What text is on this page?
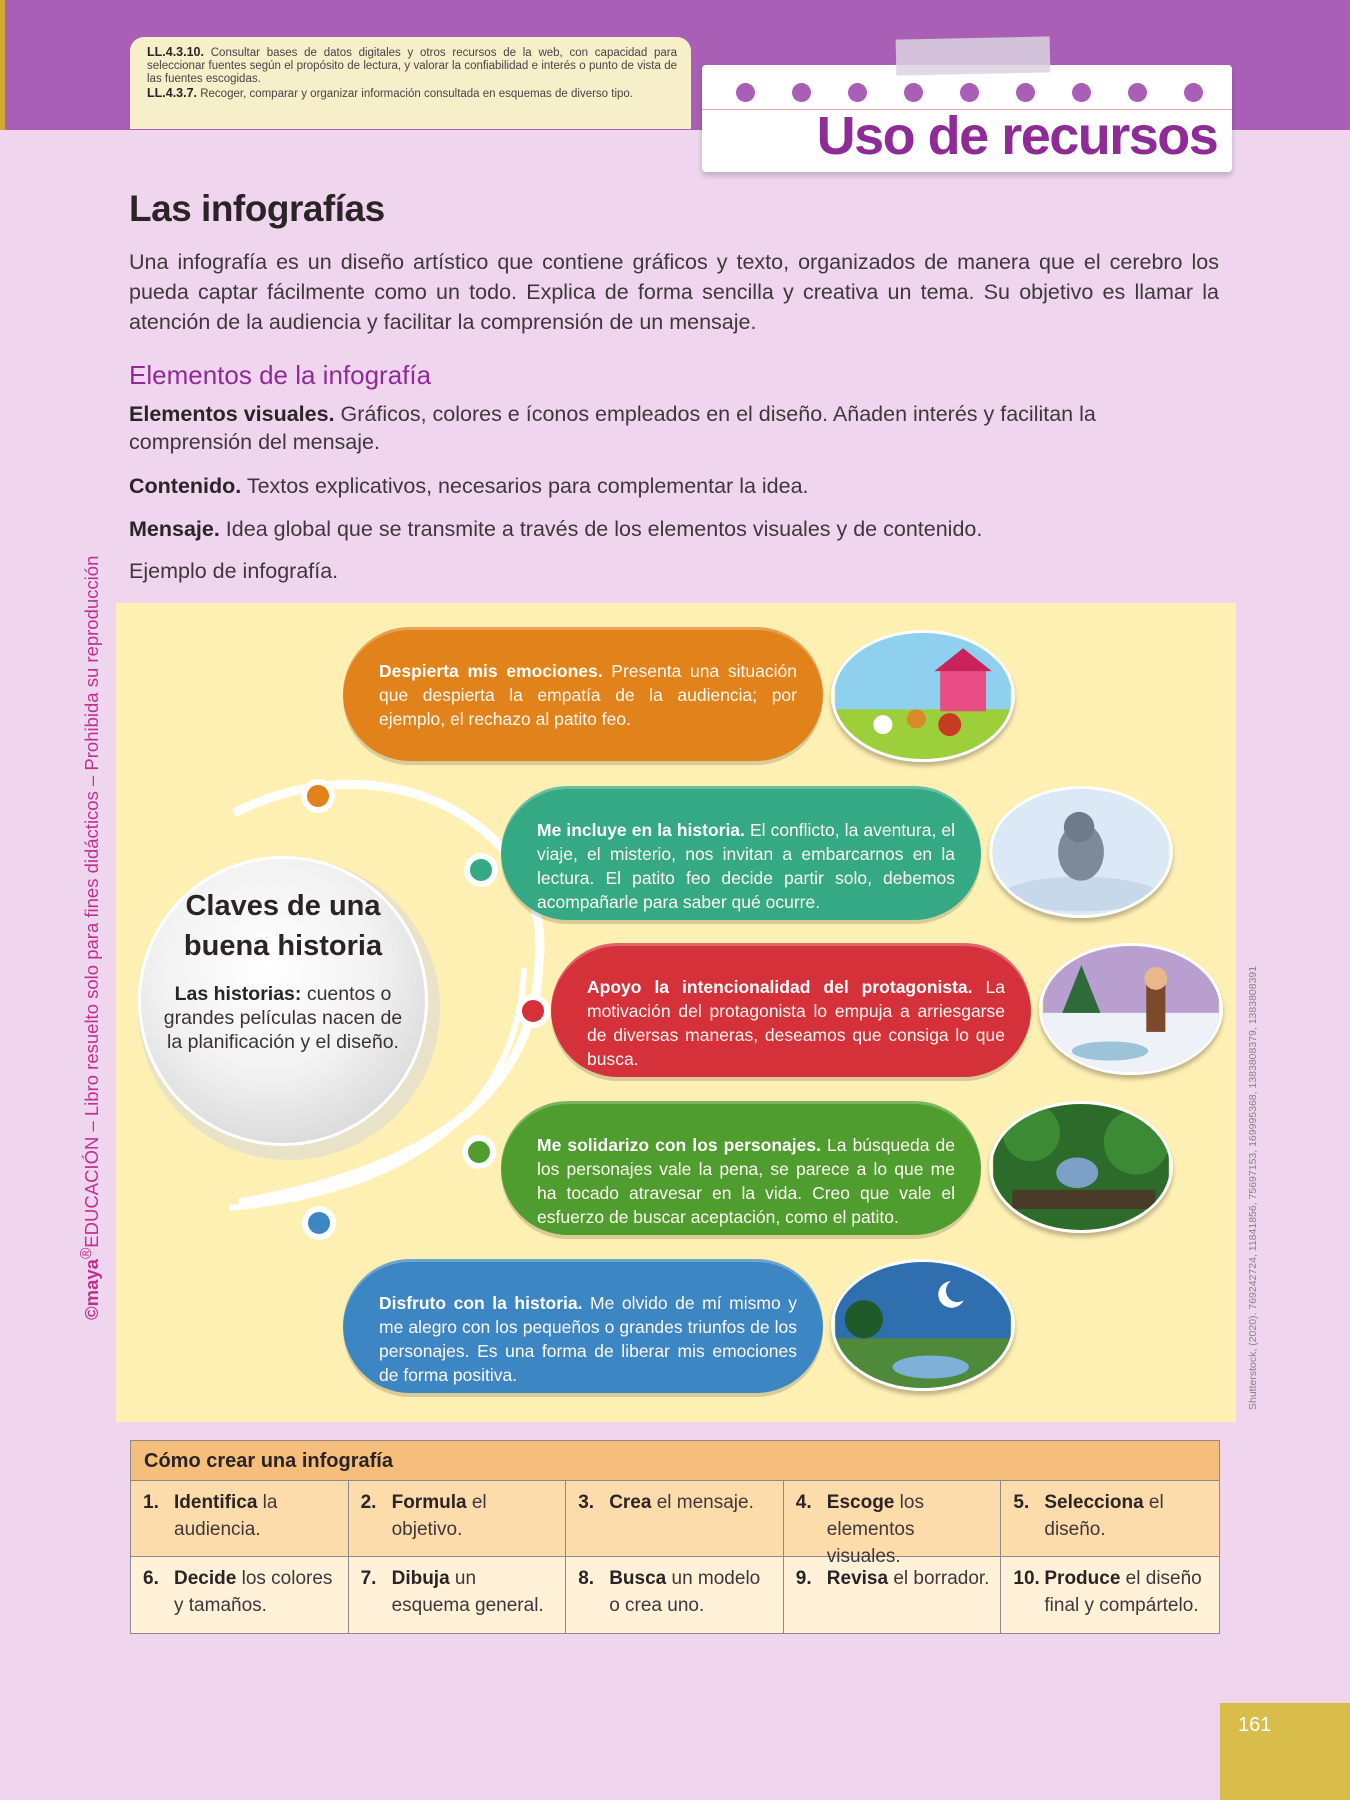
LL.4.3.10. Consultar bases de datos digitales y otros recursos de la web, con capacidad para seleccionar fuentes según el propósito de lectura, y valorar la confiabilidad e interés o punto de vista de las fuentes escogidas.
LL.4.3.7. Recoger, comparar y organizar información consultada en esquemas de diverso tipo.
Uso de recursos
©maya®EDUCACIÓN – Libro resuelto solo para fines didácticos – Prohibida su reproducción	Shutterstock, (2020). 769242724, 11841856, 75697153, 169995368, 1383808379, 1383808391
Las infografías

Una infografía es un diseño artístico que contiene gráficos y texto, organizados de manera que el cerebro los pueda captar fácilmente como un todo. Explica de forma sencilla y creativa un tema. Su objetivo es llamar la atención de la audiencia y facilitar la comprensión de un mensaje.

Elementos de la infografía

Elementos visuales. Gráficos, colores e íconos empleados en el diseño. Añaden interés y facilitan la comprensión del mensaje.

Contenido. Textos explicativos, necesarios para complementar la idea.

Mensaje. Idea global que se transmite a través de los elementos visuales y de contenido.

Ejemplo de infografía.

Claves de una buena historia
Las historias: cuentos o grandes películas nacen de la planificación y el diseño.
Despierta mis emociones. Presenta una situación que despierta la empatía de la audiencia; por ejemplo, el rechazo al patito feo.
Me incluye en la historia. El conflicto, la aventura, el viaje, el misterio, nos invitan a embarcarnos en la lectura. El patito feo decide partir solo, debemos acompañarle para saber qué ocurre.
Apoyo la intencionalidad del protagonista. La motivación del protagonista lo empuja a arriesgarse de diversas maneras, deseamos que consiga lo que busca.
Me solidarizo con los personajes. La búsqueda de los personajes vale la pena, se parece a lo que me ha tocado atravesar en la vida. Creo que vale el esfuerzo de buscar aceptación, como el patito.
Disfruto con la historia. Me olvido de mí mismo y me alegro con los pequeños o grandes triunfos de los personajes. Es una forma de liberar mis emociones de forma positiva.
Cómo crear una infografía
1. Identifica la audiencia.
2. Formula el objetivo.
3. Crea el mensaje. 4. Escoge los elementos visuales.
5. Selecciona el diseño.
6. Decide los colores y tamaños.
7. Dibuja un esquema general.
8. Busca un modelo o crea uno.
9. Revisa el borrador. 10. Produce el diseño final y compártelo.
161
